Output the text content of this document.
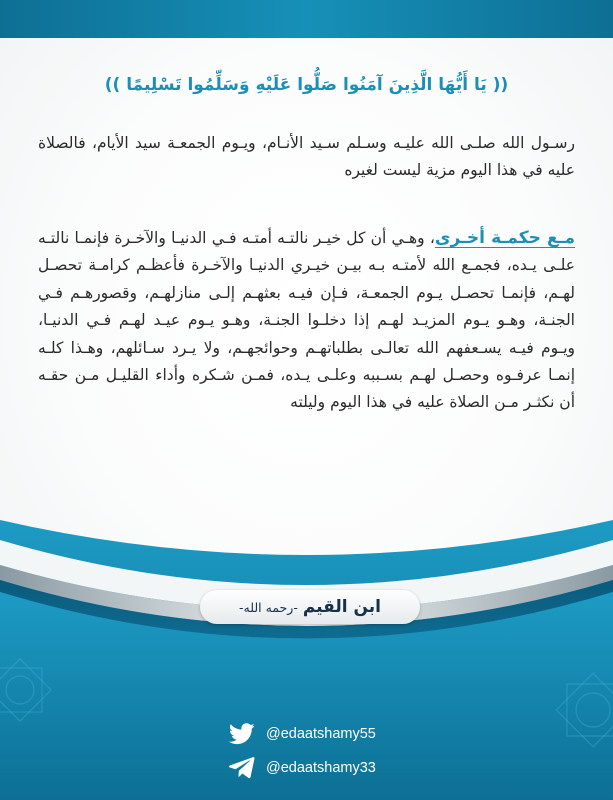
(( يَا أَيُّهَا الَّذِينَ آمَنُوا صَلُّوا عَلَيْهِ وَسَلِّمُوا تَسْلِيمًا ))

رسـول الله صلـى الله عليـه وسـلم سـيد الأنـام، ويـوم الجمعـة سيد الأيام، فالصلاة عليه في هذا اليوم مزية ليست لغيره

مـع حكمـة أخـرى، وهـي أن كل خيـر نالتـه أمتـه فـي الدنيـا والآخـرة فإنمـا نالتـه علـى يـده، فجمـع الله لأمتـه بـه بيـن خيـري الدنيـا والآخـرة فأعظـم كرامـة تحصـل لهـم، فإنمـا تحصـل يـوم الجمعـة، فـإن فيـه بعثهـم إلـى منازلهـم، وقصورهـم فـي الجنـة، وهـو يـوم المزيـد لهـم إذا دخلـوا الجنـة، وهـو يـوم عيـد لهـم فـي الدنيـا، ويـوم فيـه يسـعفهم الله تعالـى بطلباتهـم وحوائجهـم، ولا يـرد سـائلهم، وهـذا كلـه إنمـا عرفـوه وحصـل لهـم بسـببه وعلـى يـده، فمـن شـكره وأداء القليـل مـن حقـه أن نكثـر مـن الصلاة عليه في هذا اليوم وليلته

ابن القيم-رحمه الله-
@edaatshamy55
@edaatshamy33
